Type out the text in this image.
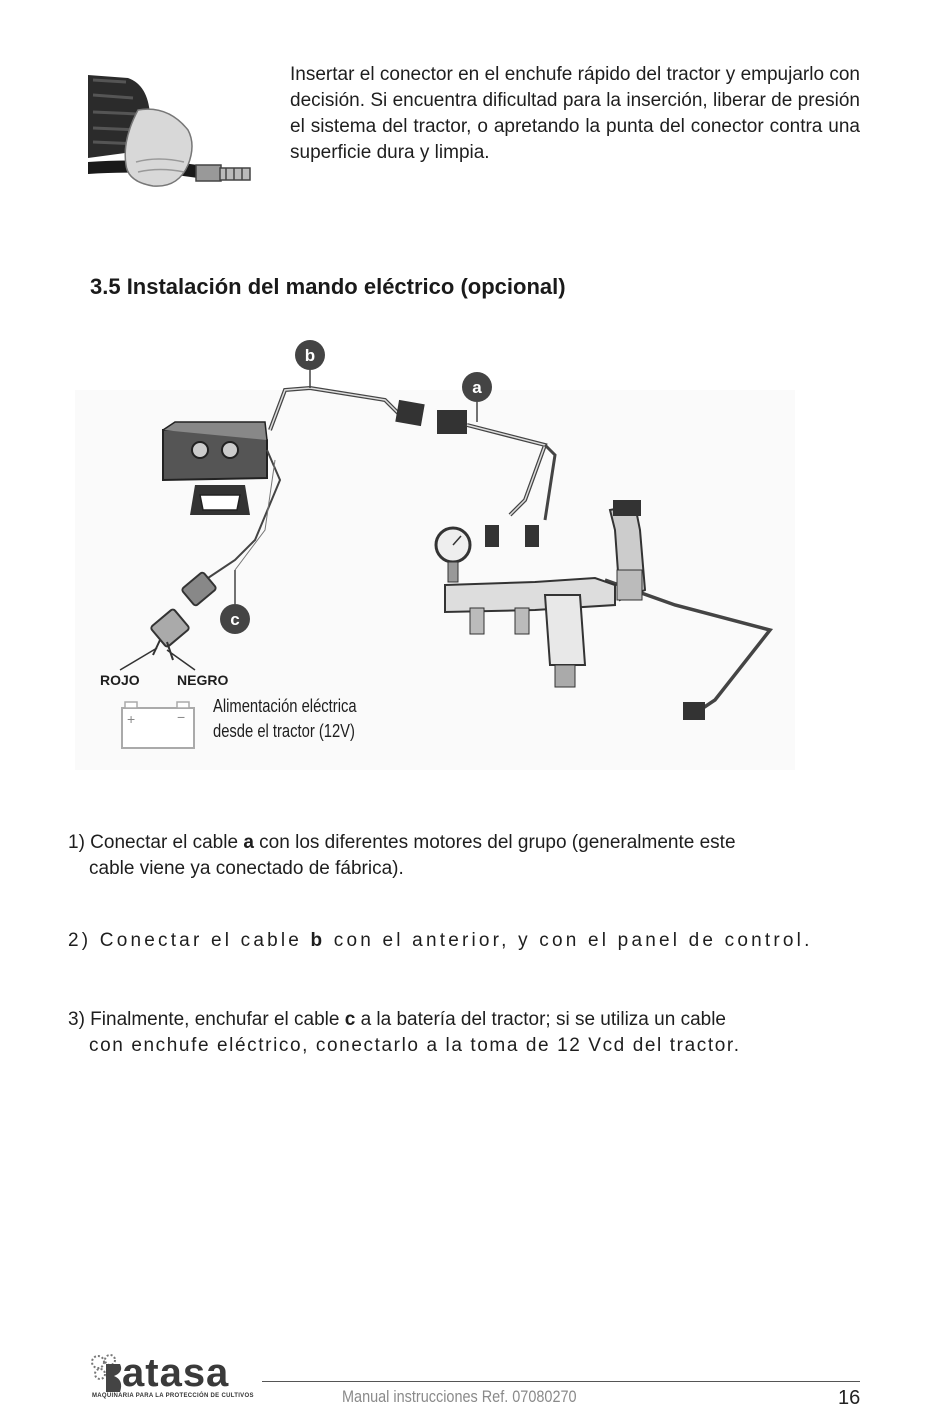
Insertar el conector en el enchufe rápido del tractor y empujarlo con decisión. Si encuentra dificultad para la inserción, liberar de presión el sistema del tractor, o apretando la punta del conector contra una superficie dura y limpia.
3.5 Instalación del mando eléctrico (opcional)
+	−
b
a
c
ROJO	NEGRO
Alimentación eléctrica
desde el tractor (12V)
1) Conectar el cable a con los diferentes motores del grupo (generalmente este
cable viene ya conectado de fábrica).
2) Conectar el cable b con el anterior, y con el panel de control.
3) Finalmente, enchufar el cable c a la batería del tractor; si se utiliza un cable
con enchufe eléctrico, conectarlo a la toma de 12 Vcd del tractor.
atasa
MAQUINARIA PARA LA PROTECCIÓN DE CULTIVOS	Manual instrucciones Ref. 07080270	16
